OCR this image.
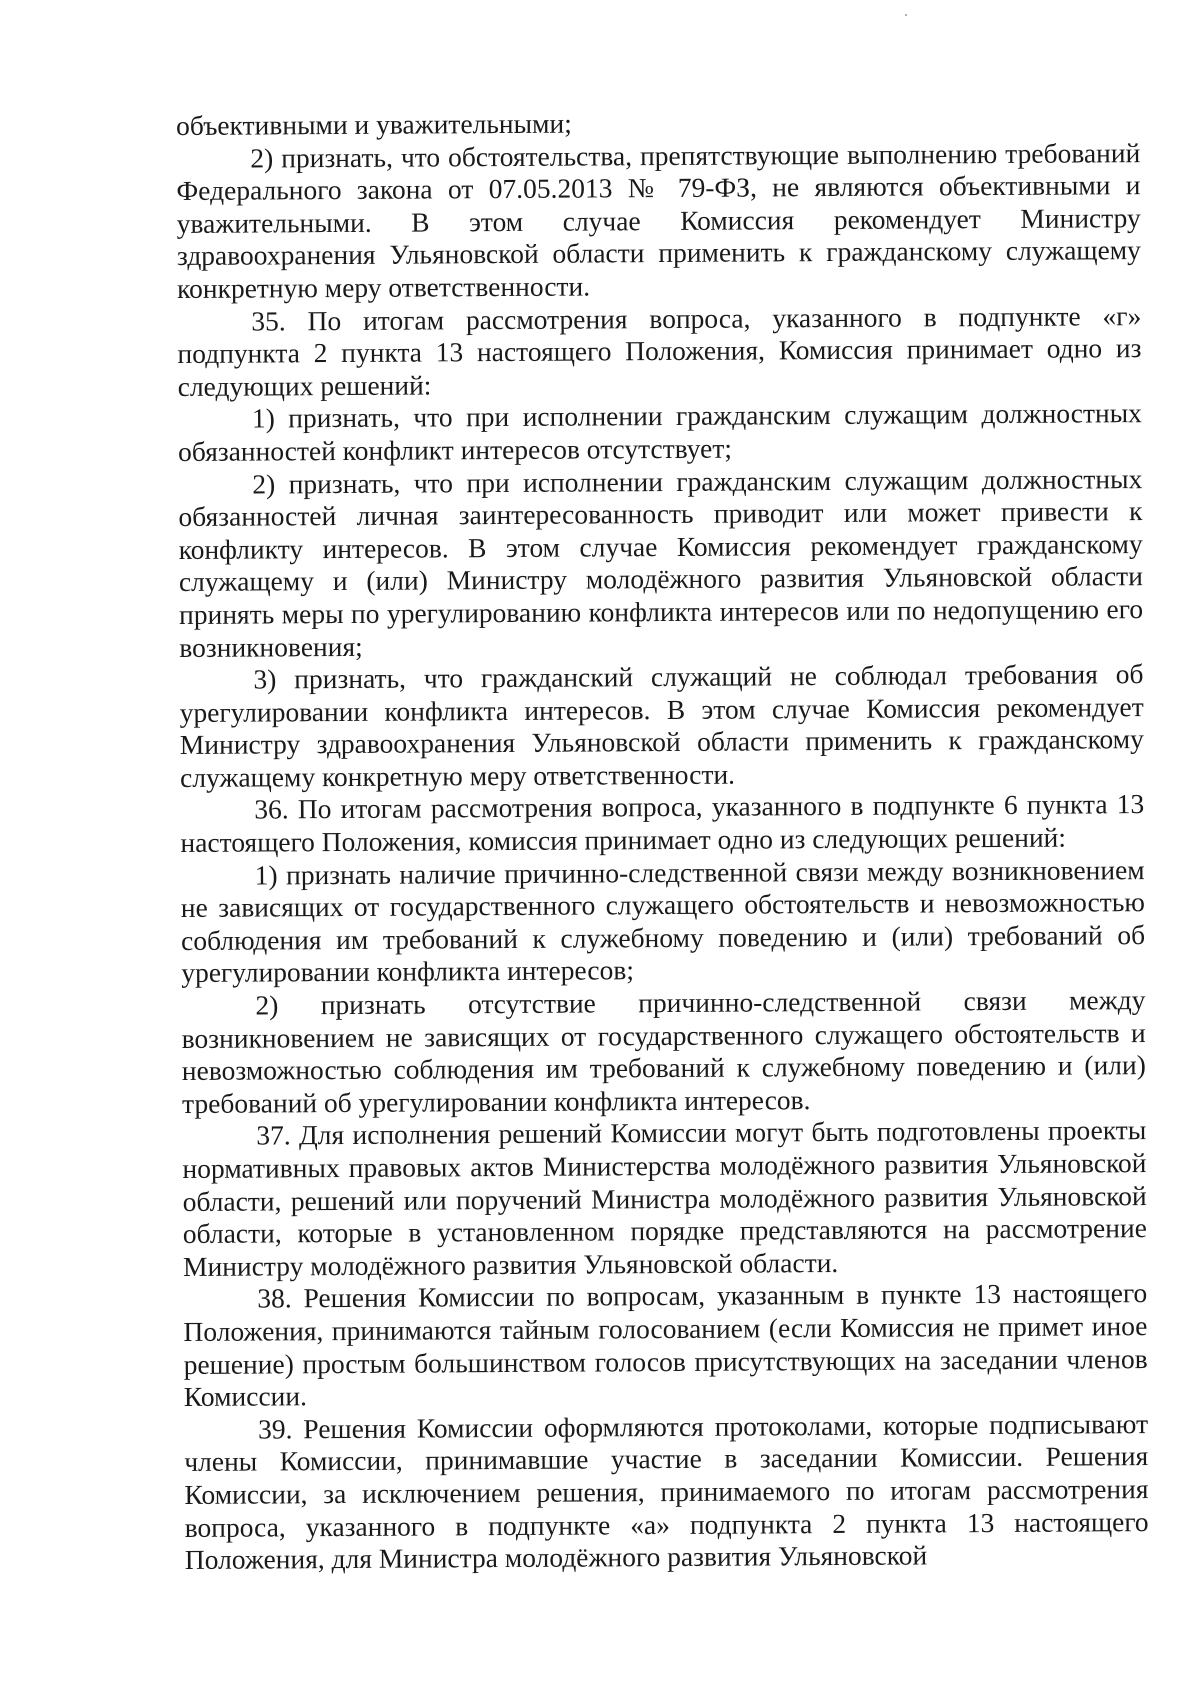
объективными и уважительными;

2) признать, что обстоятельства, препятствующие выполнению требований Федерального закона от 07.05.2013 № 79-ФЗ, не являются объективными и уважительными. В этом случае Комиссия рекомендует Министру здравоохранения Ульяновской области применить к гражданскому служащему конкретную меру ответственности.

35. По итогам рассмотрения вопроса, указанного в подпункте «г» подпункта 2 пункта 13 настоящего Положения, Комиссия принимает одно из следующих решений:

1) признать, что при исполнении гражданским служащим должностных обязанностей конфликт интересов отсутствует;

2) признать, что при исполнении гражданским служащим должностных обязанностей личная заинтересованность приводит или может привести к конфликту интересов. В этом случае Комиссия рекомендует гражданскому служащему и (или) Министру молодёжного развития Ульяновской области принять меры по урегулированию конфликта интересов или по недопущению его возникновения;

3) признать, что гражданский служащий не соблюдал требования об урегулировании конфликта интересов. В этом случае Комиссия рекомендует Министру здравоохранения Ульяновской области применить к гражданскому служащему конкретную меру ответственности.

36. По итогам рассмотрения вопроса, указанного в подпункте 6 пункта 13 настоящего Положения, комиссия принимает одно из следующих решений:

1) признать наличие причинно-следственной связи между возникновением не зависящих от государственного служащего обстоятельств и невозможностью соблюдения им требований к служебному поведению и (или) требований об урегулировании конфликта интересов;

2) признать отсутствие причинно-следственной связи между возникновением не зависящих от государственного служащего обстоятельств и невозможностью соблюдения им требований к служебному поведению и (или) требований об урегулировании конфликта интересов.

37. Для исполнения решений Комиссии могут быть подготовлены проекты нормативных правовых актов Министерства молодёжного развития Ульяновской области, решений или поручений Министра молодёжного развития Ульяновской области, которые в установленном порядке представляются на рассмотрение Министру молодёжного развития Ульяновской области.

38. Решения Комиссии по вопросам, указанным в пункте 13 настоящего Положения, принимаются тайным голосованием (если Комиссия не примет иное решение) простым большинством голосов присутствующих на заседании членов Комиссии.

39. Решения Комиссии оформляются протоколами, которые подписывают члены Комиссии, принимавшие участие в заседании Комиссии. Решения Комиссии, за исключением решения, принимаемого по итогам рассмотрения вопроса, указанного в подпункте «а» подпункта 2 пункта 13 настоящего Положения, для Министра молодёжного развития Ульяновской
